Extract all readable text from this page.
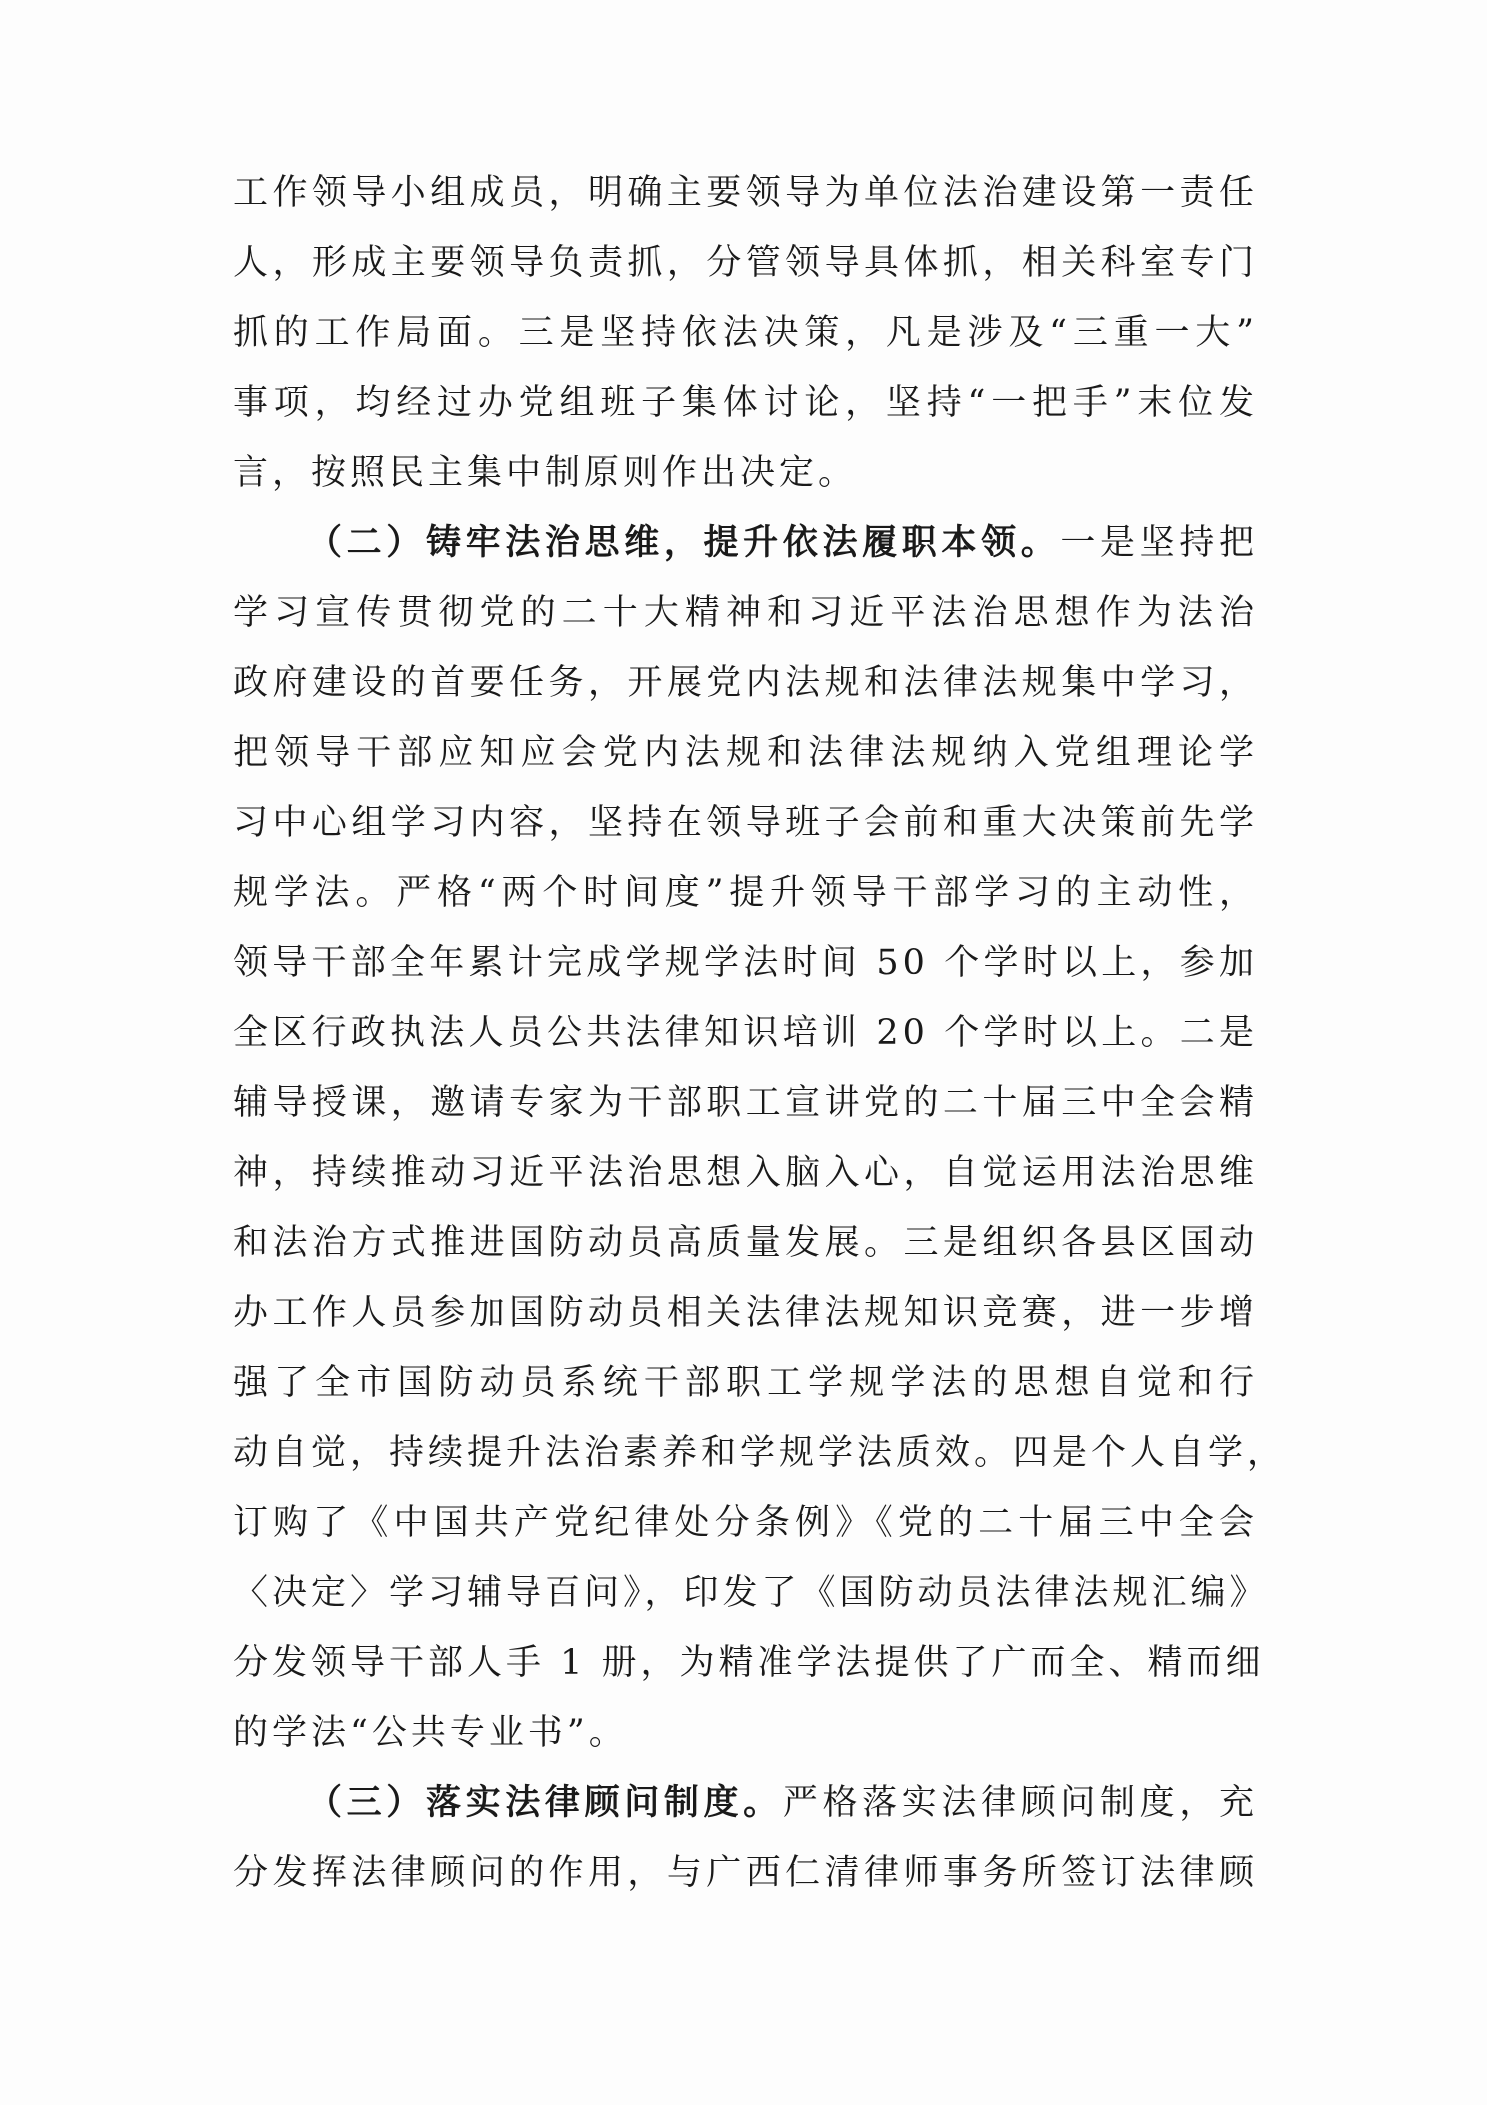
工作领导小组成员，明确主要领导为单位法治建设第一责任
人，形成主要领导负责抓，分管领导具体抓，相关科室专门
抓的工作局面。三是坚持依法决策，凡是涉及“三重一大”
事项，均经过办党组班子集体讨论，坚持“一把手”末位发
言，按照民主集中制原则作出决定。
（二）铸牢法治思维，提升依法履职本领。一是坚持把
学习宣传贯彻党的二十大精神和习近平法治思想作为法治
政府建设的首要任务，开展党内法规和法律法规集中学习，
把领导干部应知应会党内法规和法律法规纳入党组理论学
习中心组学习内容，坚持在领导班子会前和重大决策前先学
规学法。严格“两个时间度”提升领导干部学习的主动性，
领导干部全年累计完成学规学法时间 50 个学时以上，参加
全区行政执法人员公共法律知识培训 20 个学时以上。二是
辅导授课，邀请专家为干部职工宣讲党的二十届三中全会精
神，持续推动习近平法治思想入脑入心，自觉运用法治思维
和法治方式推进国防动员高质量发展。三是组织各县区国动
办工作人员参加国防动员相关法律法规知识竞赛，进一步增
强了全市国防动员系统干部职工学规学法的思想自觉和行
动自觉，持续提升法治素养和学规学法质效。四是个人自学，
订购了《中国共产党纪律处分条例》《党的二十届三中全会
〈决定〉学习辅导百问》，印发了《国防动员法律法规汇编》
分发领导干部人手 1 册，为精准学法提供了广而全、精而细
的学法“公共专业书”。
（三）落实法律顾问制度。严格落实法律顾问制度，充
分发挥法律顾问的作用，与广西仁清律师事务所签订法律顾
